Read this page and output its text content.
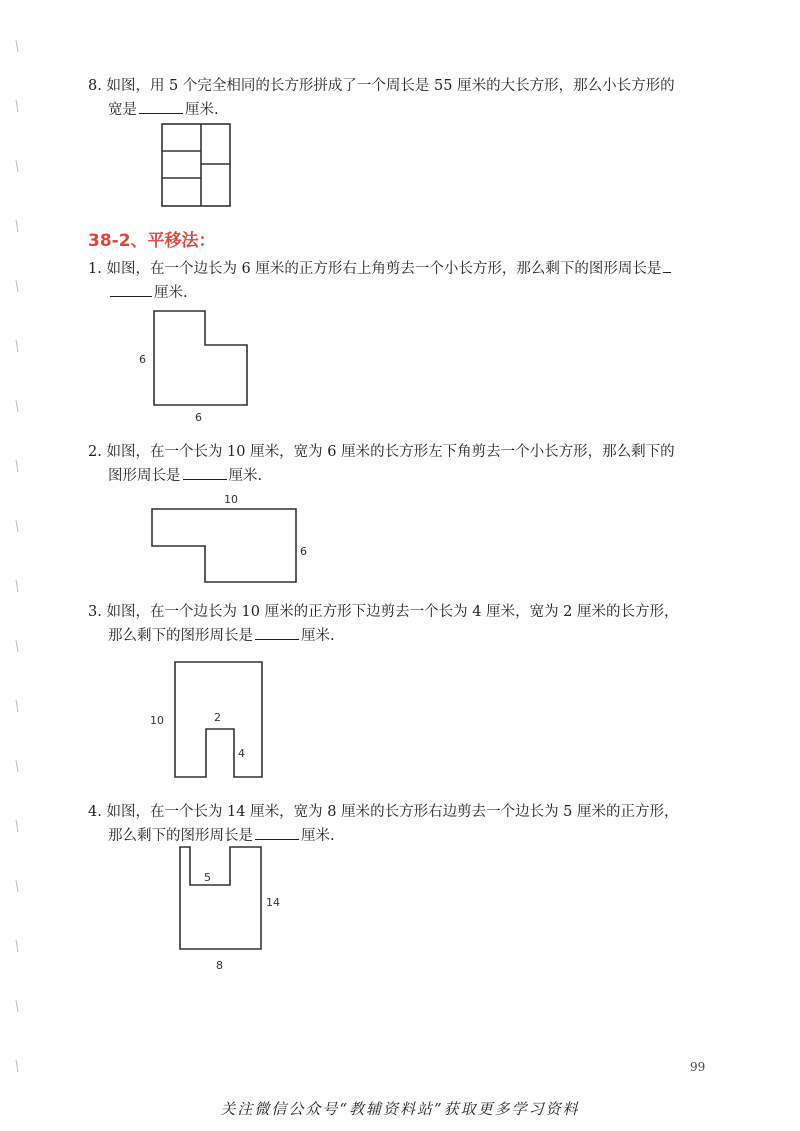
8. 如图，用 5 个完全相同的长方形拼成了一个周长是 55 厘米的大长方形，那么小长方形的
宽是	厘米.
38-2、平移法：
1. 如图，在一个边长为 6 厘米的正方形右上角剪去一个小长方形，那么剩下的图形周长是
厘米.
6
6
2. 如图，在一个长为 10 厘米，宽为 6 厘米的长方形左下角剪去一个小长方形，那么剩下的
图形周长是	厘米.
10
6
3. 如图，在一个边长为 10 厘米的正方形下边剪去一个长为 4 厘米，宽为 2 厘米的长方形，
那么剩下的图形周长是	厘米.
10	2
4
4. 如图，在一个长为 14 厘米，宽为 8 厘米的长方形右边剪去一个边长为 5 厘米的正方形，
那么剩下的图形周长是	厘米.
5
14
8
99
关注微信公众号“教辅资料站”获取更多学习资料
